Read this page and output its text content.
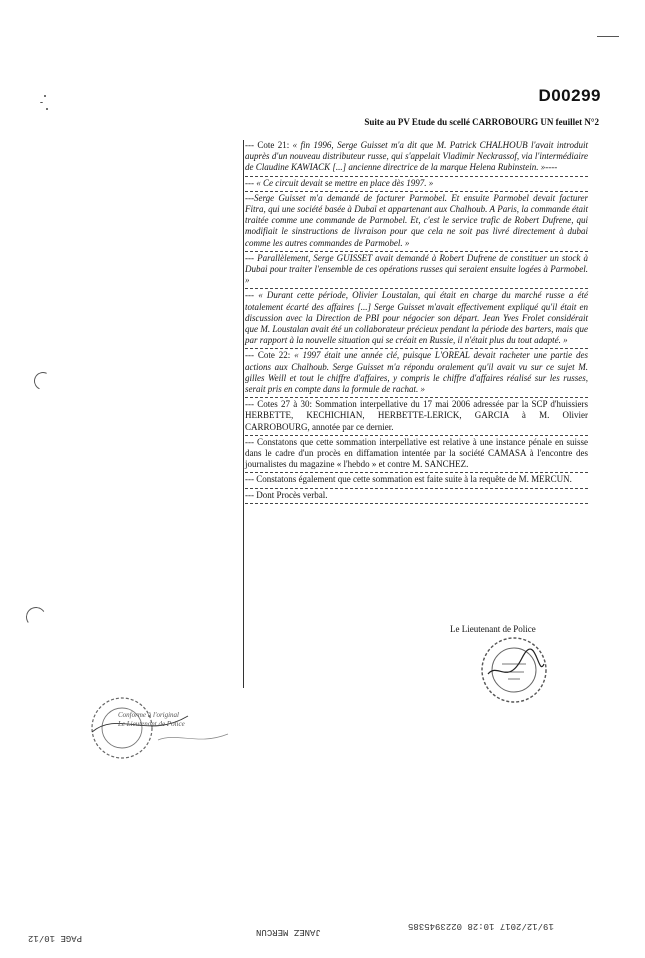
D00299
Suite au PV Etude du scellé CARROBOURG UN feuillet N°2

--- Cote 21: « fin 1996, Serge Guisset m'a dit que M. Patrick CHALHOUB l'avait introduit auprès d'un nouveau distributeur russe, qui s'appelait Vladimir Neckrassof, via l'intermédiaire de Claudine KAWIACK [...] ancienne directrice de la marque Helena Rubinstein. »----

--- « Ce circuit devait se mettre en place dès 1997. »

---Serge Guisset m'a demandé de facturer Parmobel. Et ensuite Parmobel devait facturer Fitra, qui une société basée à Dubaï et appartenant aux Chalhoub. A Paris, la commande était traitée comme une commande de Parmobel. Et, c'est le service trafic de Robert Dufrene, qui modifiait le sinstructions de livraison pour que cela ne soit pas livré directement à dubai comme les autres commandes de Parmobel. »

--- Parallèlement, Serge GUISSET avait demandé à Robert Dufrene de constituer un stock à Dubai pour traiter l'ensemble de ces opérations russes qui seraient ensuite logées à Parmobel. »

--- « Durant cette période, Olivier Loustalan, qui était en charge du marché russe a été totalement écarté des affaires [...] Serge Guisset m'avait effectivement expliqué qu'il était en discussion avec la Direction de PBI pour négocier son départ. Jean Yves Frolet considérait que M. Loustalan avait été un collaborateur précieux pendant la période des barters, mais que par rapport à la nouvelle situation qui se créait en Russie, il n'était plus du tout adapté. »

--- Cote 22: « 1997 était une année clé, puisque L'OREAL devait racheter une partie des actions aux Chalhoub. Serge Guisset m'a répondu oralement qu'il avait vu sur ce sujet M. gilles Weill et tout le chiffre d'affaires, y compris le chiffre d'affaires réalisé sur les russes, serait pris en compte dans la formule de rachat. »

--- Cotes 27 à 30: Sommation interpellative du 17 mai 2006 adressée par la SCP d'huissiers HERBETTE, KECHICHIAN, HERBETTE-LERICK, GARCIA à M. Olivier CARROBOURG, annotée par ce dernier.

--- Constatons que cette sommation interpellative est relative à une instance pénale en suisse dans le cadre d'un procès en diffamation intentée par la société CAMASA à l'encontre des journalistes du magazine « l'hebdo » et contre M. SANCHEZ.

--- Constatons également que cette sommation est faite suite à la requête de M. MERCUN.

--- Dont Procès verbal.

Le Lieutenant de Police
Conforme à l'original
Le Lieutenant de Police
PAGE 10/12
JANEZ MERCUN
19/12/2017 10:28 0223945385
